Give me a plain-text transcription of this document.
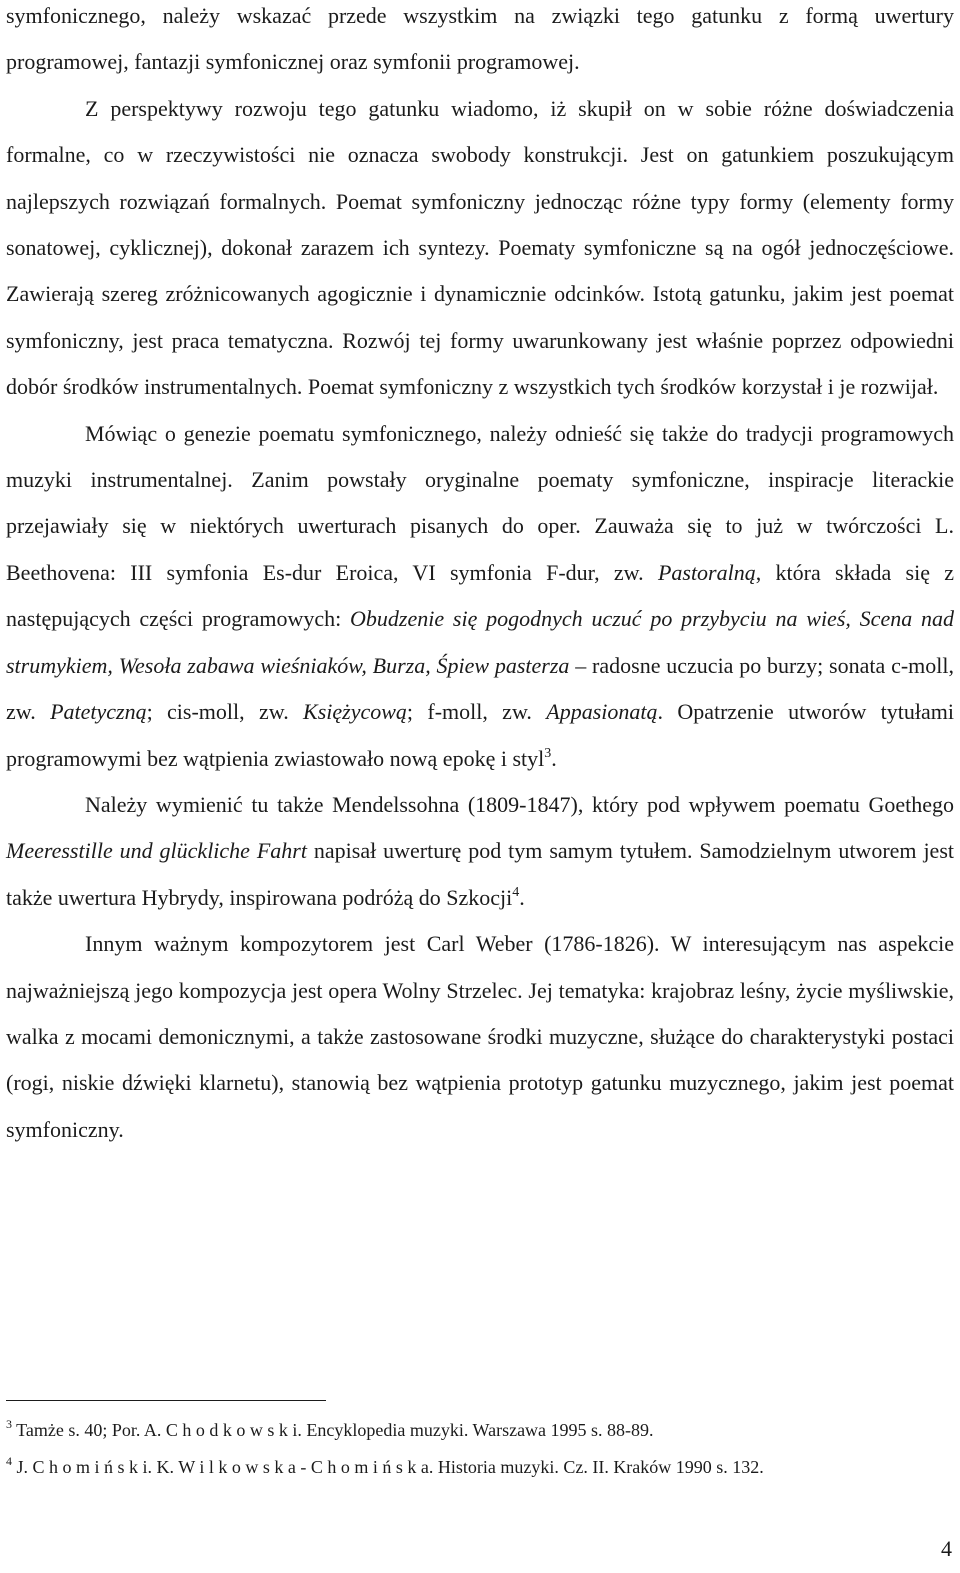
symfonicznego, należy wskazać przede wszystkim na związki tego gatunku z formą uwertury programowej, fantazji symfonicznej oraz symfonii programowej.

Z perspektywy rozwoju tego gatunku wiadomo, iż skupił on w sobie różne doświadczenia formalne, co w rzeczywistości nie oznacza swobody konstrukcji. Jest on gatunkiem poszukującym najlepszych rozwiązań formalnych. Poemat symfoniczny jednocząc różne typy formy (elementy formy sonatowej, cyklicznej), dokonał zarazem ich syntezy. Poematy symfoniczne są na ogół jednoczęściowe. Zawierają szereg zróżnicowanych agogicznie i dynamicznie odcinków. Istotą gatunku, jakim jest poemat symfoniczny, jest praca tematyczna. Rozwój tej formy uwarunkowany jest właśnie poprzez odpowiedni dobór środków instrumentalnych. Poemat symfoniczny z wszystkich tych środków korzystał i je rozwijał.

Mówiąc o genezie poematu symfonicznego, należy odnieść się także do tradycji programowych muzyki instrumentalnej. Zanim powstały oryginalne poematy symfoniczne, inspiracje literackie przejawiały się w niektórych uwerturach pisanych do oper. Zauważa się to już w twórczości L. Beethovena: III symfonia Es-dur Eroica, VI symfonia F-dur, zw. Pastoralną, która składa się z następujących części programowych: Obudzenie się pogodnych uczuć po przybyciu na wieś, Scena nad strumykiem, Wesoła zabawa wieśniaków, Burza, Śpiew pasterza – radosne uczucia po burzy; sonata c-moll, zw. Patetyczną; cis-moll, zw. Księżycową; f-moll, zw. Appasionatą. Opatrzenie utworów tytułami programowymi bez wątpienia zwiastowało nową epokę i styl$^3$.

Należy wymienić tu także Mendelssohna (1809-1847), który pod wpływem poematu Goethego Meeresstille und glückliche Fahrt napisał uwerturę pod tym samym tytułem. Samodzielnym utworem jest także uwertura Hybrydy, inspirowana podróżą do Szkocji$^4$.

Innym ważnym kompozytorem jest Carl Weber (1786-1826). W interesującym nas aspekcie najważniejszą jego kompozycja jest opera Wolny Strzelec. Jej tematyka: krajobraz leśny, życie myśliwskie, walka z mocami demonicznymi, a także zastosowane środki muzyczne, służące do charakterystyki postaci (rogi, niskie dźwięki klarnetu), stanowią bez wątpienia prototyp gatunku muzycznego, jakim jest poemat symfoniczny.

$^3$ Tamże s. 40; Por. A. C h o d k o w s k i. Encyklopedia muzyki. Warszawa 1995 s. 88-89.
$^4$ J. C h o m i ń s k i. K. W i l k o w s k a - C h o m i ń s k a. Historia muzyki. Cz. II. Kraków 1990 s. 132.
4
